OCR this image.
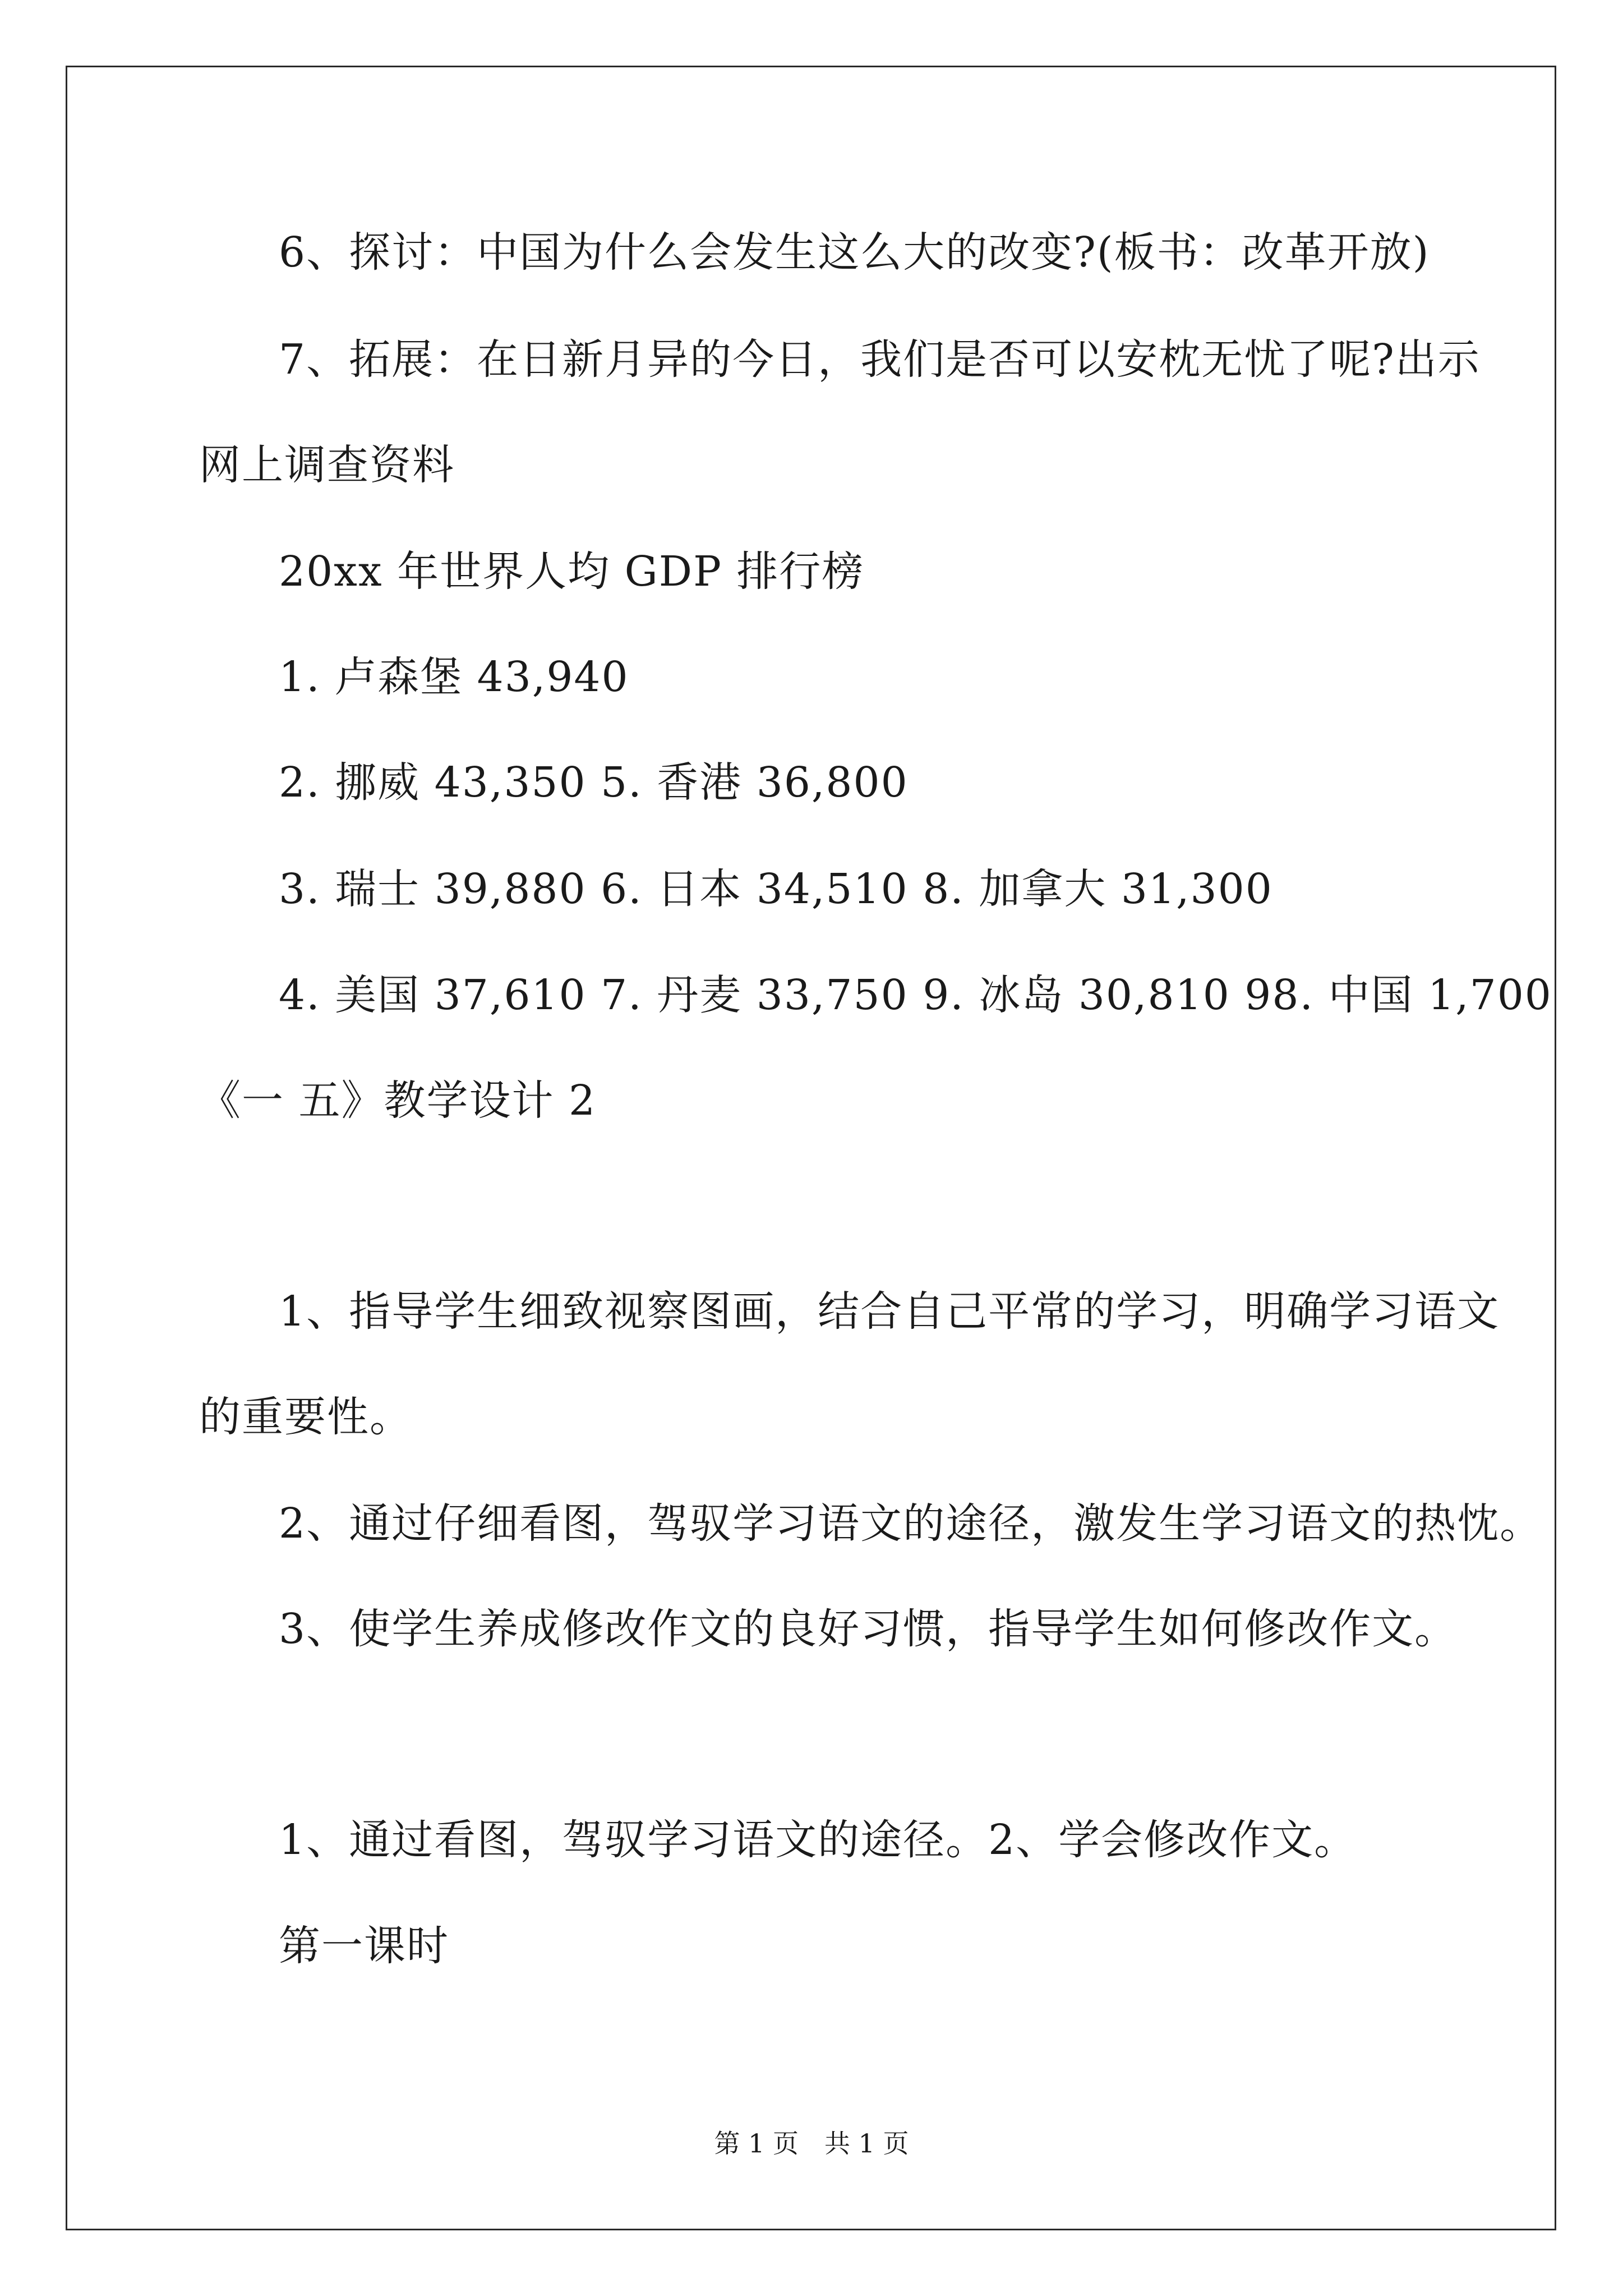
6、探讨：中国为什么会发生这么大的改变?(板书：改革开放)

7、拓展：在日新月异的今日，我们是否可以安枕无忧了呢?出示

网上调查资料

20xx 年世界人均 GDP 排行榜

1. 卢森堡 43,940

2. 挪威 43,350 5. 香港 36,800

3. 瑞士 39,880 6. 日本 34,510 8. 加拿大 31,300

4. 美国 37,610 7. 丹麦 33,750 9. 冰岛 30,810 98. 中国 1,700

《一 五》教学设计 2

1、指导学生细致视察图画，结合自己平常的学习，明确学习语文

的重要性。

2、通过仔细看图，驾驭学习语文的途径，激发生学习语文的热忱。

3、使学生养成修改作文的良好习惯，指导学生如何修改作文。

1、通过看图，驾驭学习语文的途径。2、学会修改作文。

第一课时

第 1 页　共 1 页
